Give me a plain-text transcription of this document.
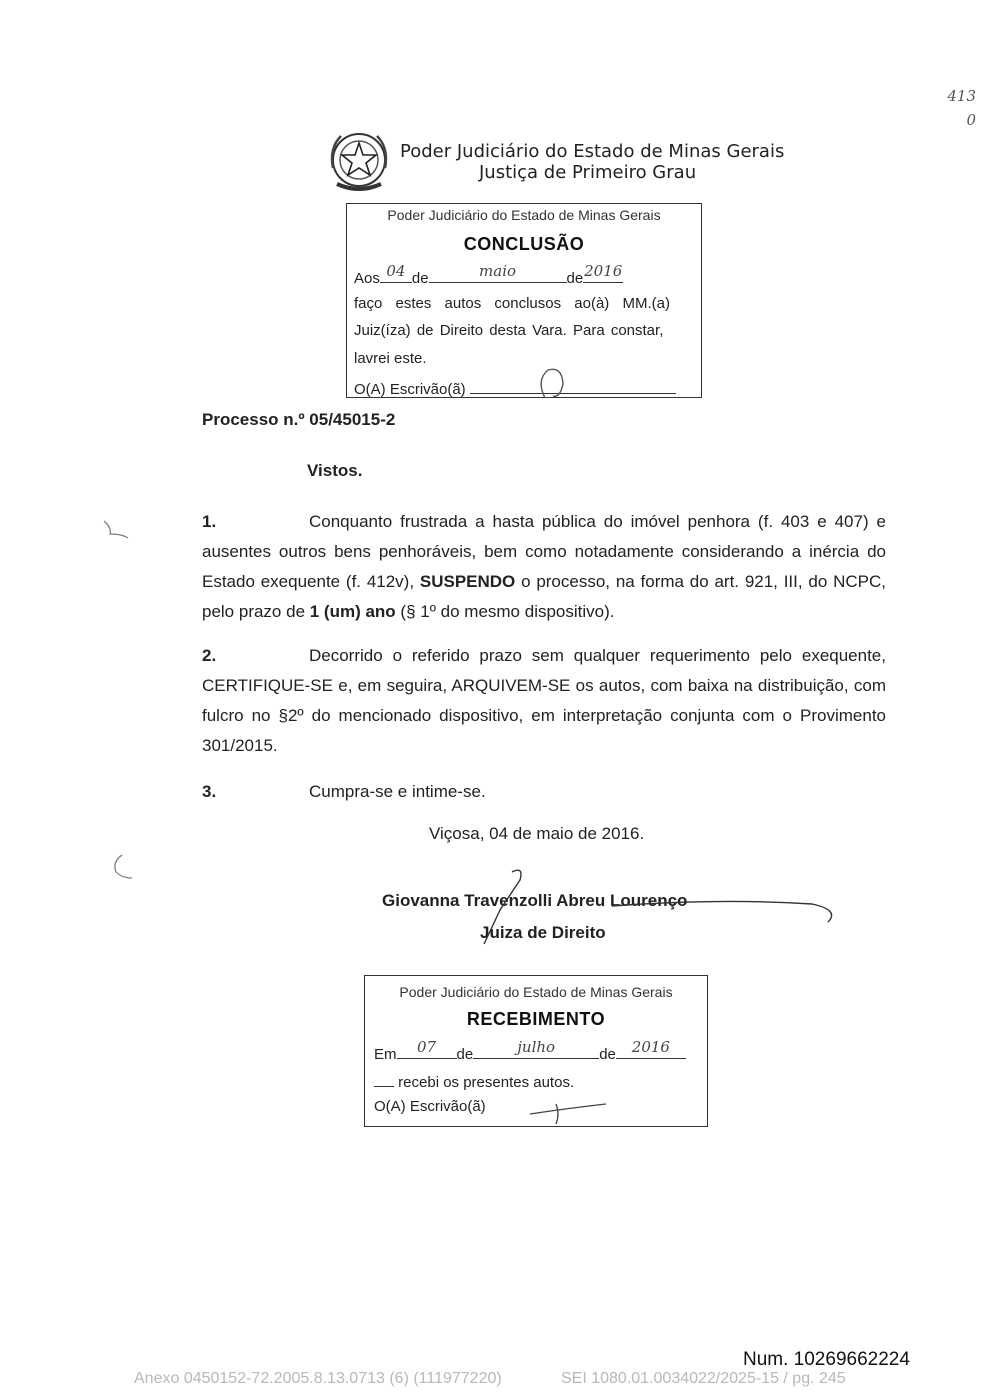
Poder Judiciário do Estado de Minas Gerais
Justiça de Primeiro Grau
413
0
Poder Judiciário do Estado de Minas Gerais
CONCLUSÃO
Aos 04 de	maio	de 2016
faço estes autos conclusos ao(à) MM.(a)
Juiz(íza) de Direito desta Vara. Para constar,
lavrei este.
O(A) Escrivão(ã)
Processo n.º 05/45015-2
Vistos.
1.	Conquanto frustrada a hasta pública do imóvel penhora (f. 403 e 407) e ausentes outros bens penhoráveis, bem como notadamente considerando a inércia do Estado exequente (f. 412v), SUSPENDO o processo, na forma do art. 921, III, do NCPC, pelo prazo de 1 (um) ano (§ 1º do mesmo dispositivo).
2.	Decorrido o referido prazo sem qualquer requerimento pelo exequente, CERTIFIQUE-SE e, em seguira, ARQUIVEM-SE os autos, com baixa na distribuição, com fulcro no §2º do mencionado dispositivo, em interpretação conjunta com o Provimento 301/2015.
3.	Cumpra-se e intime-se.
Viçosa, 04 de maio de 2016.
Giovanna Travenzolli Abreu Lourenço
Juiza de Direito
Poder Judiciário do Estado de Minas Gerais
RECEBIMENTO
Em	07	de	julho	de	2016
recebi os presentes autos.
O(A) Escrivão(ã)
Num. 10269662224
Anexo 0450152-72.2005.8.13.0713 (6) (111977220)	SEI 1080.01.0034022/2025-15 / pg. 245
